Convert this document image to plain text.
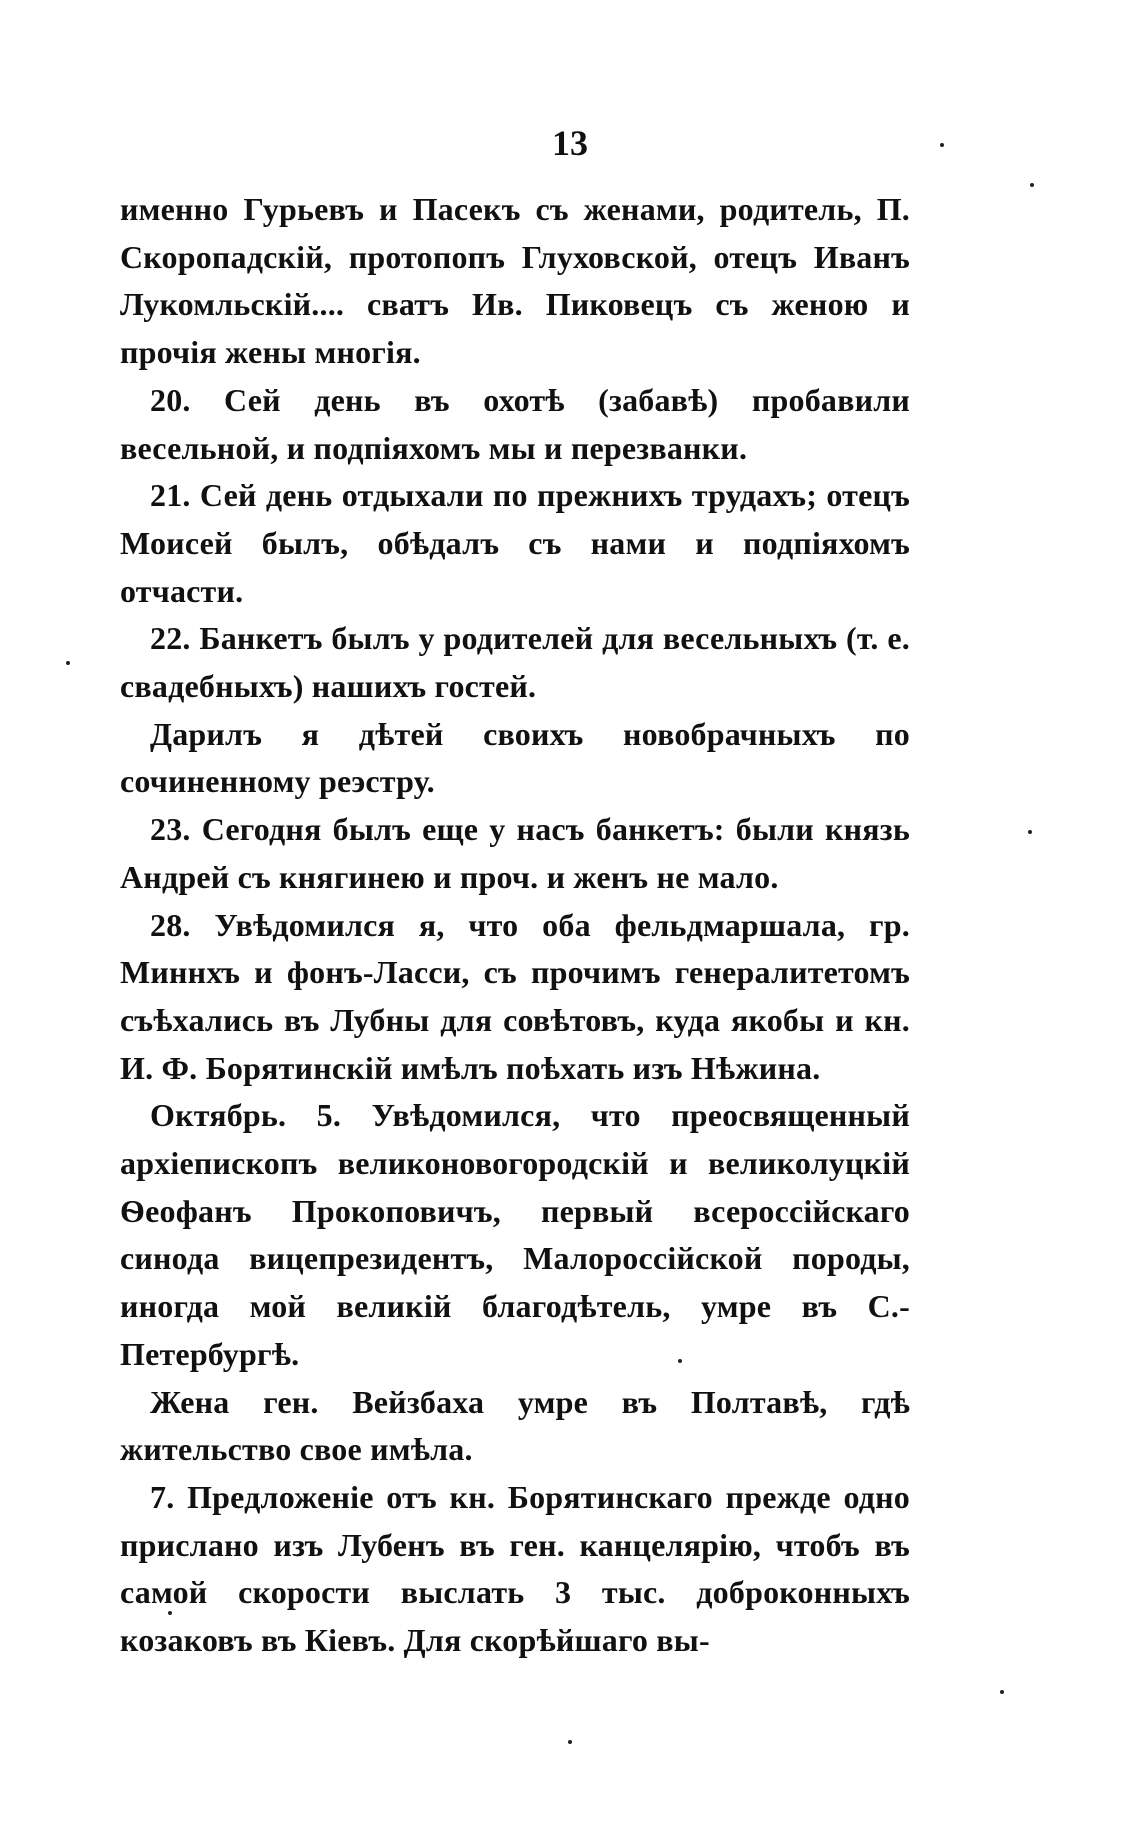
13

именно Гурьевъ и Пасекъ съ женами, родитель, П. Скоропадскій, протопопъ Глуховской, отецъ Иванъ Лукомльскій.... сватъ Ив. Пиковецъ съ женою и прочія жены многія.

20. Сей день въ охотѣ (забавѣ) пробавили весельной, и подпіяхомъ мы и перезванки.

21. Сей день отдыхали по прежнихъ трудахъ; отецъ Моисей былъ, обѣдалъ съ нами и подпіяхомъ отчасти.

22. Банкетъ былъ у родителей для весельныхъ (т. е. свадебныхъ) нашихъ гостей.

Дарилъ я дѣтей своихъ новобрачныхъ по сочиненному реэстру.

23. Сегодня былъ еще у насъ банкетъ: были князь Андрей съ княгинею и проч. и женъ не мало.

28. Увѣдомился я, что оба фельдмаршала, гр. Миннхъ и фонъ-Ласси, съ прочимъ генералитетомъ съѣхались въ Лубны для совѣтовъ, куда якобы и кн. И. Ф. Борятинскій имѣлъ поѣхать изъ Нѣжина.

Октябрь. 5. Увѣдомился, что преосвященный архіепископъ великоновогородскій и великолуцкій Ѳеофанъ Прокоповичъ, первый всероссійскаго синода вицепрезидентъ, Малороссійской породы, иногда мой великій благодѣтель, умре въ С.-Петербургѣ.

Жена ген. Вейзбаха умре въ Полтавѣ, гдѣ жительство свое имѣла.

7. Предложеніе отъ кн. Борятинскаго прежде одно прислано изъ Лубенъ въ ген. канцелярію, чтобъ въ самой скорости выслать 3 тыс. доброконныхъ козаковъ въ Кіевъ. Для скорѣйшаго вы-
